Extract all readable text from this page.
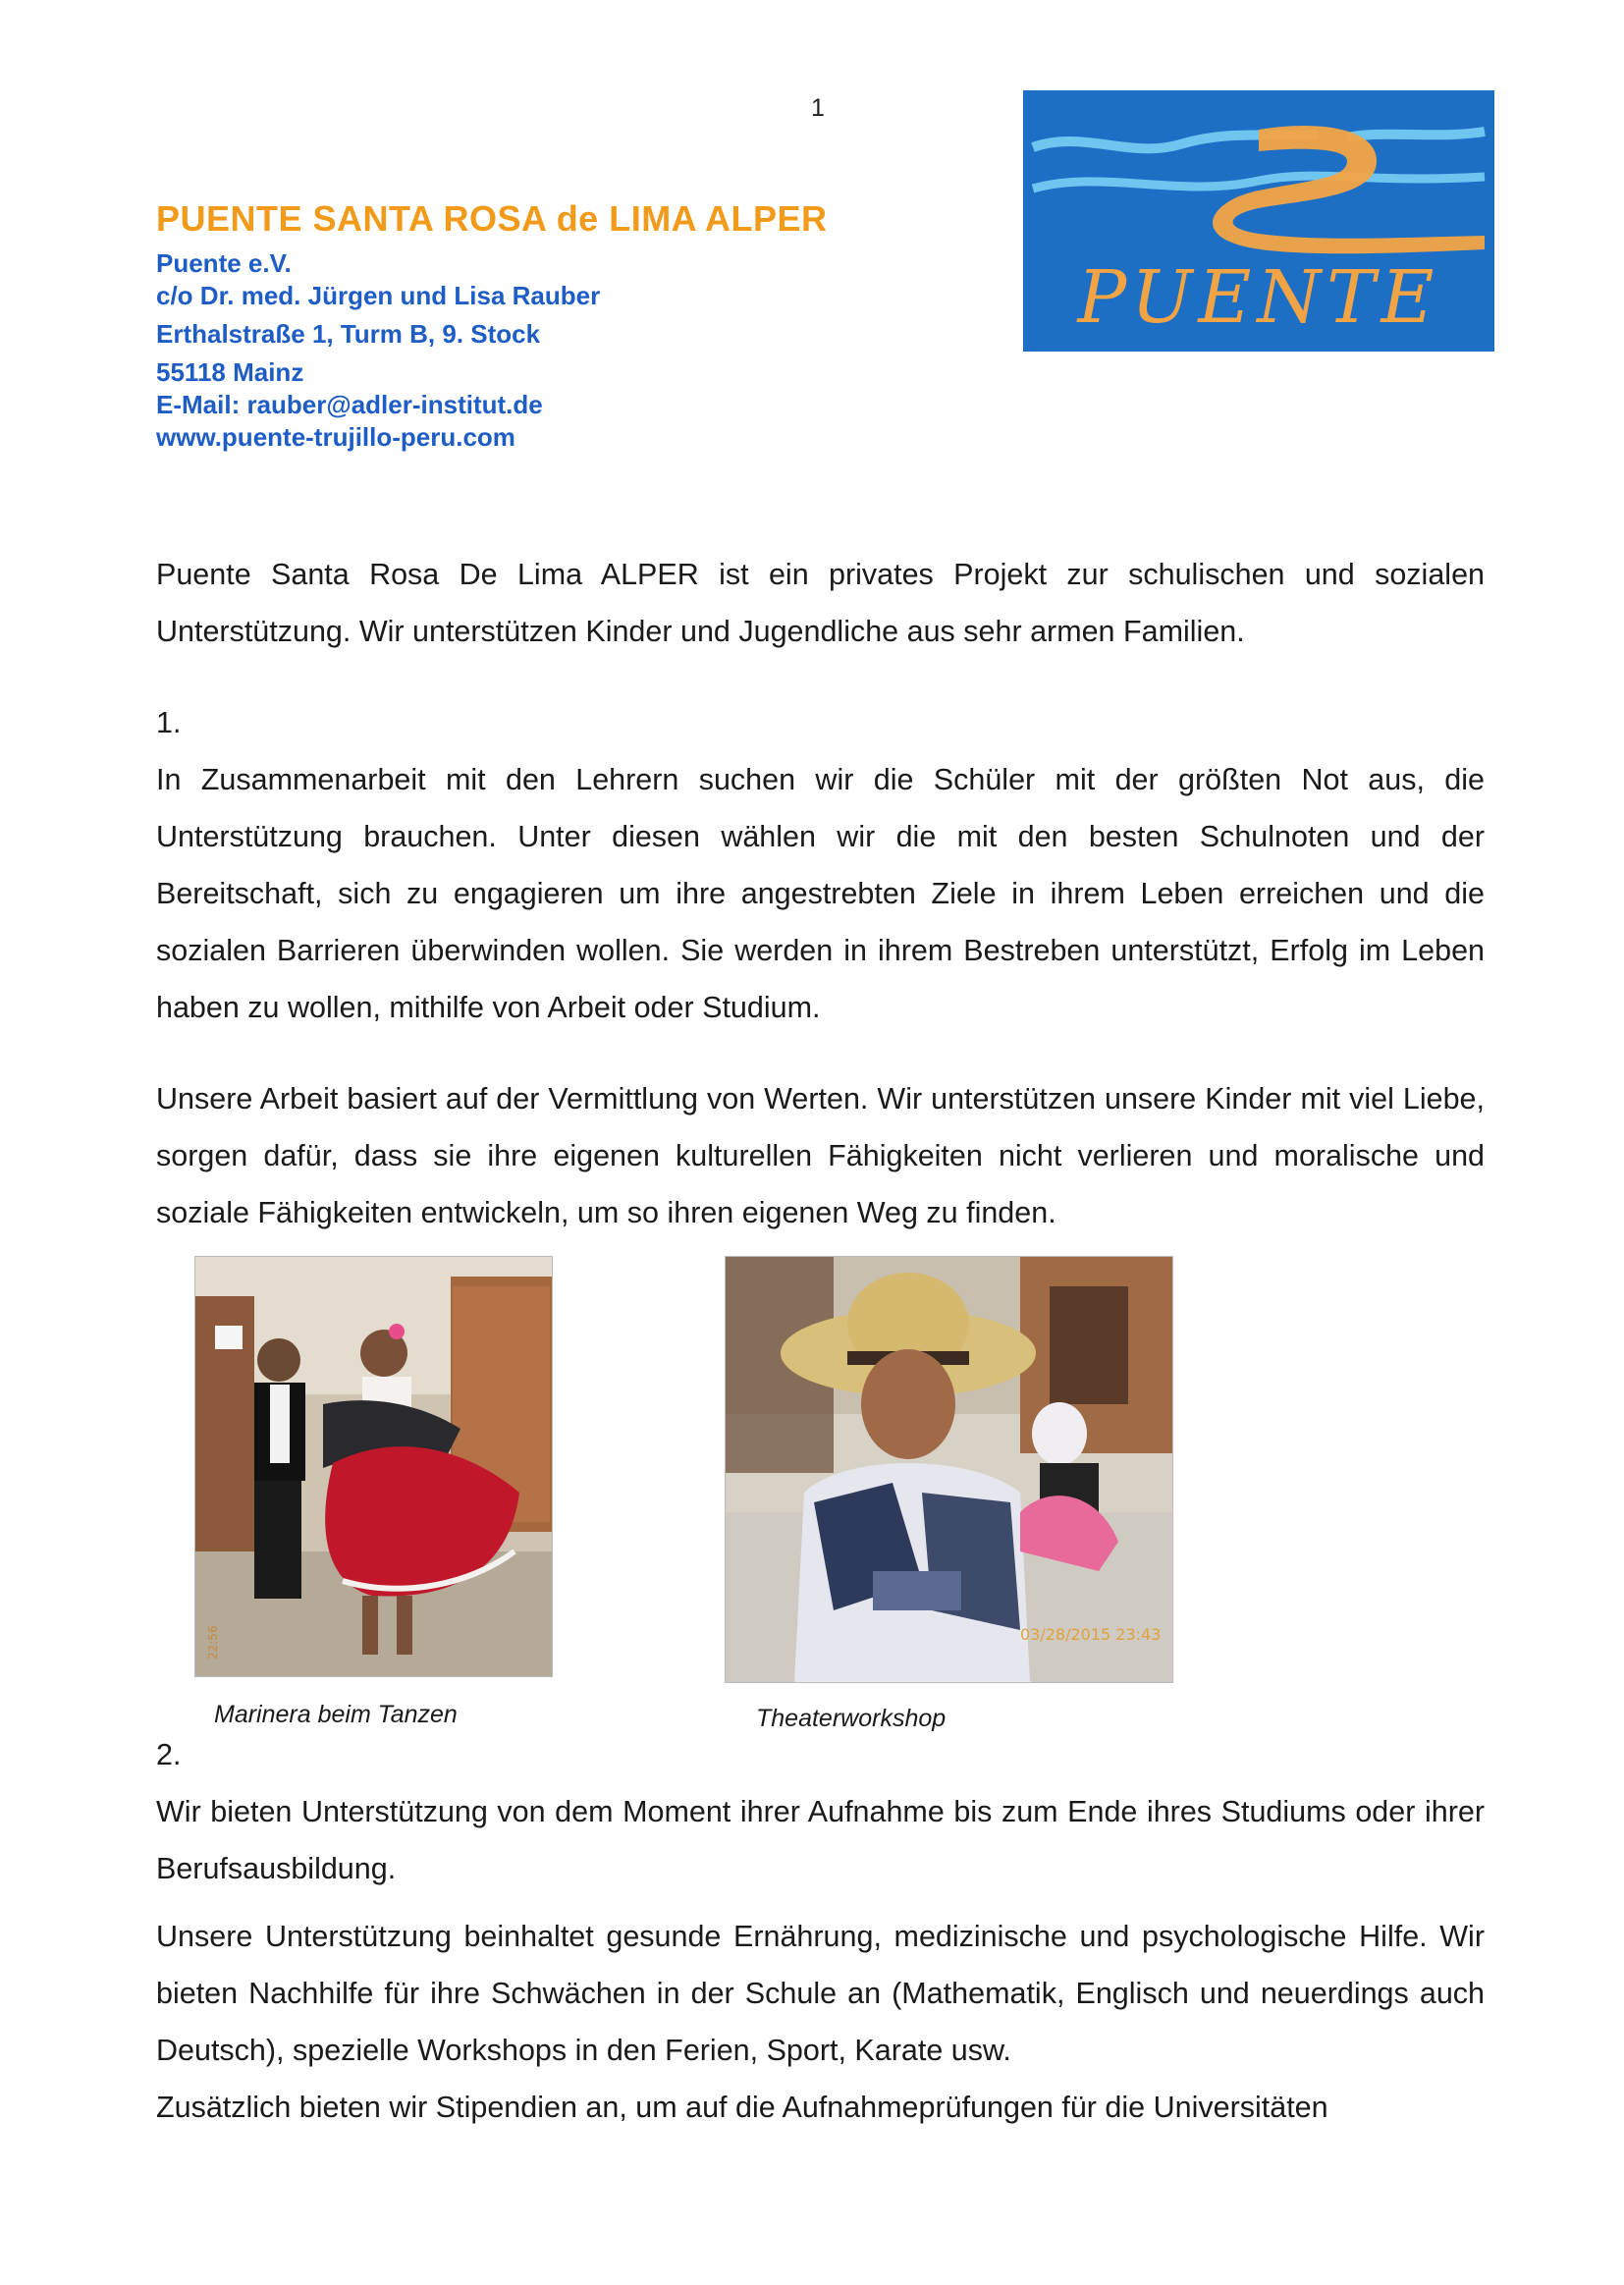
1
PUENTE SANTA ROSA de LIMA ALPER
Puente e.V.
c/o Dr. med. Jürgen und Lisa Rauber
Erthalstraße 1, Turm B, 9. Stock
55118 Mainz
E-Mail: rauber@adler-institut.de
www.puente-trujillo-peru.com
PUENTE

Puente Santa Rosa De Lima ALPER ist ein privates Projekt zur schulischen und sozialen Unterstützung. Wir unterstützen Kinder und Jugendliche aus sehr armen Familien.

1.

In Zusammenarbeit mit den Lehrern suchen wir die Schüler mit der größten Not aus, die Unterstützung brauchen. Unter diesen wählen wir die mit den besten Schulnoten und der Bereitschaft, sich zu engagieren um ihre angestrebten Ziele in ihrem Leben erreichen und die sozialen Barrieren überwinden wollen. Sie werden in ihrem Bestreben unterstützt, Erfolg im Leben haben zu wollen, mithilfe von Arbeit oder Studium.

Unsere Arbeit basiert auf der Vermittlung von Werten. Wir unterstützen unsere Kinder mit viel Liebe, sorgen dafür, dass sie ihre eigenen kulturellen Fähigkeiten nicht verlieren und moralische und soziale Fähigkeiten entwickeln, um so ihren eigenen Weg zu finden.

22:56	03/28/2015 23:43
Marinera beim Tanzen	Theaterworkshop

2.

Wir bieten Unterstützung von dem Moment ihrer Aufnahme bis zum Ende ihres Studiums oder ihrer Berufsausbildung.

Unsere Unterstützung beinhaltet gesunde Ernährung, medizinische und psychologische Hilfe. Wir bieten Nachhilfe für ihre Schwächen in der Schule an (Mathematik, Englisch und neuerdings auch Deutsch), spezielle Workshops in den Ferien, Sport, Karate usw.

Zusätzlich bieten wir Stipendien an, um auf die Aufnahmeprüfungen für die Universitäten
